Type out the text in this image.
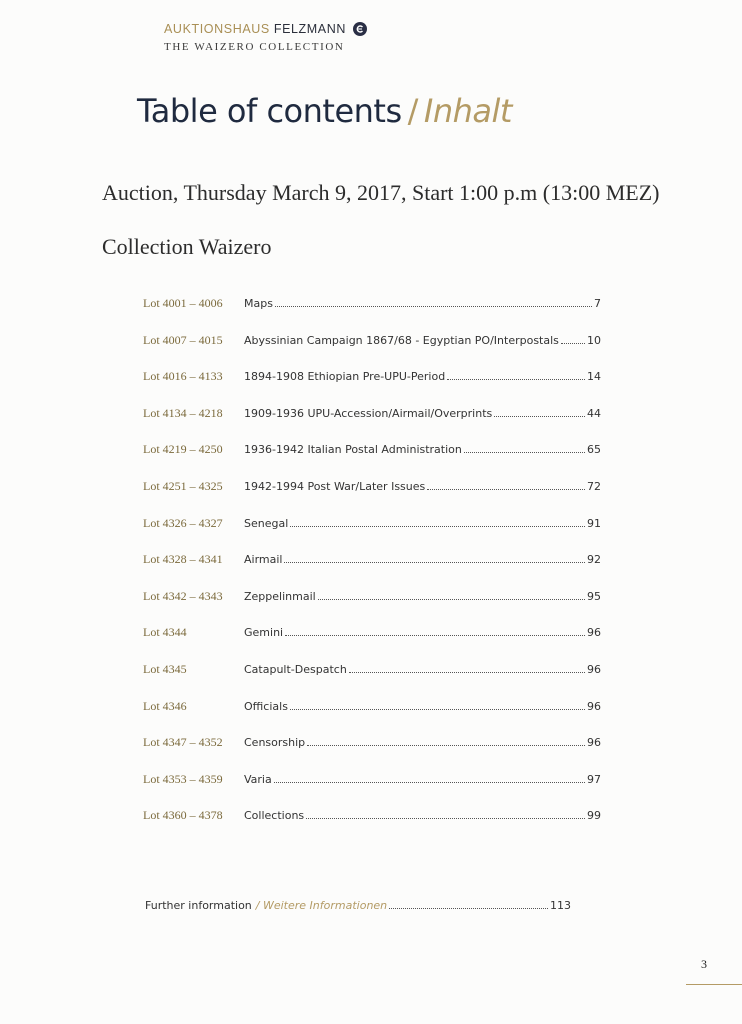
AUKTIONSHAUS FELZMANN
THE WAIZERO COLLECTION
Table of contents / Inhalt
Auction, Thursday March 9, 2017, Start 1:00 p.m (13:00 MEZ)
Collection Waizero
Lot 4001 – 4006	Maps	7
Lot 4007 – 4015	Abyssinian Campaign 1867/68 - Egyptian PO/Interpostals	10
Lot 4016 – 4133	1894-1908 Ethiopian Pre-UPU-Period	14
Lot 4134 – 4218	1909-1936 UPU-Accession/Airmail/Overprints	44
Lot 4219 – 4250	1936-1942 Italian Postal Administration	65
Lot 4251 – 4325	1942-1994 Post War/Later Issues	72
Lot 4326 – 4327	Senegal	91
Lot 4328 – 4341	Airmail	92
Lot 4342 – 4343	Zeppelinmail	95
Lot 4344	Gemini	96
Lot 4345	Catapult-Despatch	96
Lot 4346	Officials	96
Lot 4347 – 4352	Censorship	96
Lot 4353 – 4359	Varia	97
Lot 4360 – 4378	Collections	99
Further information / Weitere Informationen	113
3
